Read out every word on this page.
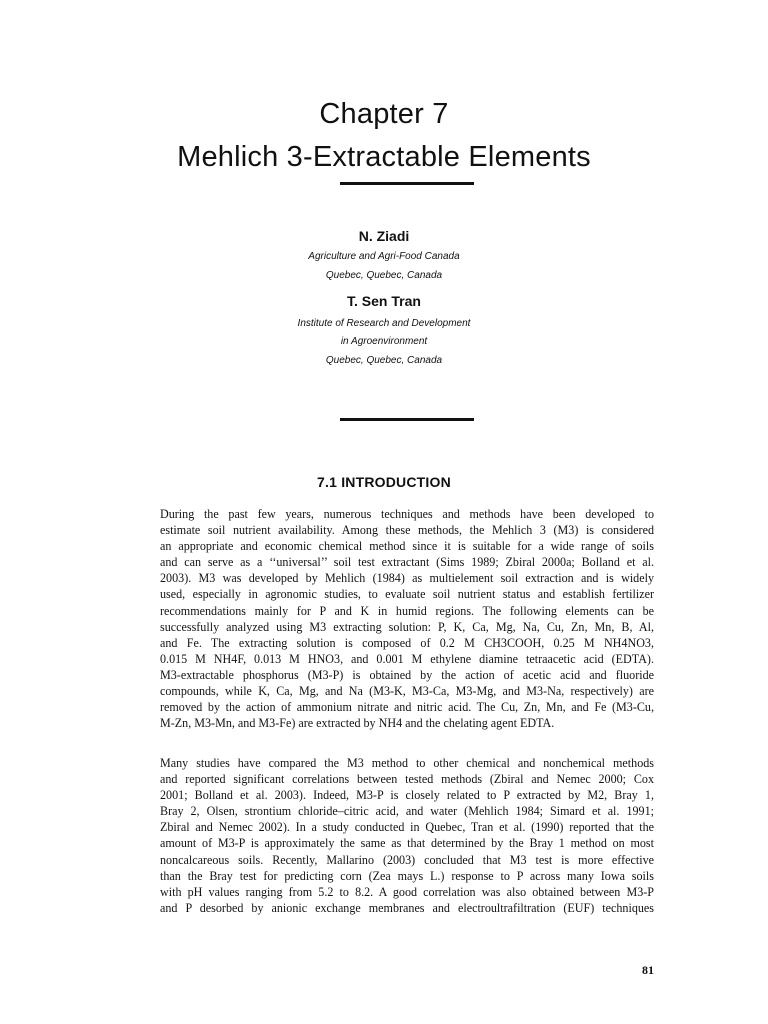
Chapter 7
Mehlich 3-Extractable Elements
N. Ziadi
Agriculture and Agri-Food Canada
Quebec, Quebec, Canada
T. Sen Tran
Institute of Research and Development
in Agroenvironment
Quebec, Quebec, Canada
7.1 INTRODUCTION
During the past few years, numerous techniques and methods have been developed to
estimate soil nutrient availability. Among these methods, the Mehlich 3 (M3) is considered
an appropriate and economic chemical method since it is suitable for a wide range of soils
and can serve as a ‘‘universal’’ soil test extractant (Sims 1989; Zbiral 2000a; Bolland et al.
2003). M3 was developed by Mehlich (1984) as multielement soil extraction and is widely
used, especially in agronomic studies, to evaluate soil nutrient status and establish fertilizer
recommendations mainly for P and K in humid regions. The following elements can be
successfully analyzed using M3 extracting solution: P, K, Ca, Mg, Na, Cu, Zn, Mn, B, Al,
and Fe. The extracting solution is composed of 0.2 M CH3COOH, 0.25 M NH4NO3,
0.015 M NH4F, 0.013 M HNO3, and 0.001 M ethylene diamine tetraacetic acid (EDTA).
M3-extractable phosphorus (M3-P) is obtained by the action of acetic acid and fluoride
compounds, while K, Ca, Mg, and Na (M3-K, M3-Ca, M3-Mg, and M3-Na, respectively) are
removed by the action of ammonium nitrate and nitric acid. The Cu, Zn, Mn, and Fe (M3-Cu,
M-Zn, M3-Mn, and M3-Fe) are extracted by NH4 and the chelating agent EDTA.
Many studies have compared the M3 method to other chemical and nonchemical methods
and reported significant correlations between tested methods (Zbiral and Nemec 2000; Cox
2001; Bolland et al. 2003). Indeed, M3-P is closely related to P extracted by M2, Bray 1,
Bray 2, Olsen, strontium chloride–citric acid, and water (Mehlich 1984; Simard et al. 1991;
Zbiral and Nemec 2002). In a study conducted in Quebec, Tran et al. (1990) reported that the
amount of M3-P is approximately the same as that determined by the Bray 1 method on most
noncalcareous soils. Recently, Mallarino (2003) concluded that M3 test is more effective
than the Bray test for predicting corn (Zea mays L.) response to P across many Iowa soils
with pH values ranging from 5.2 to 8.2. A good correlation was also obtained between M3-P
and P desorbed by anionic exchange membranes and electroultrafiltration (EUF) techniques
81
